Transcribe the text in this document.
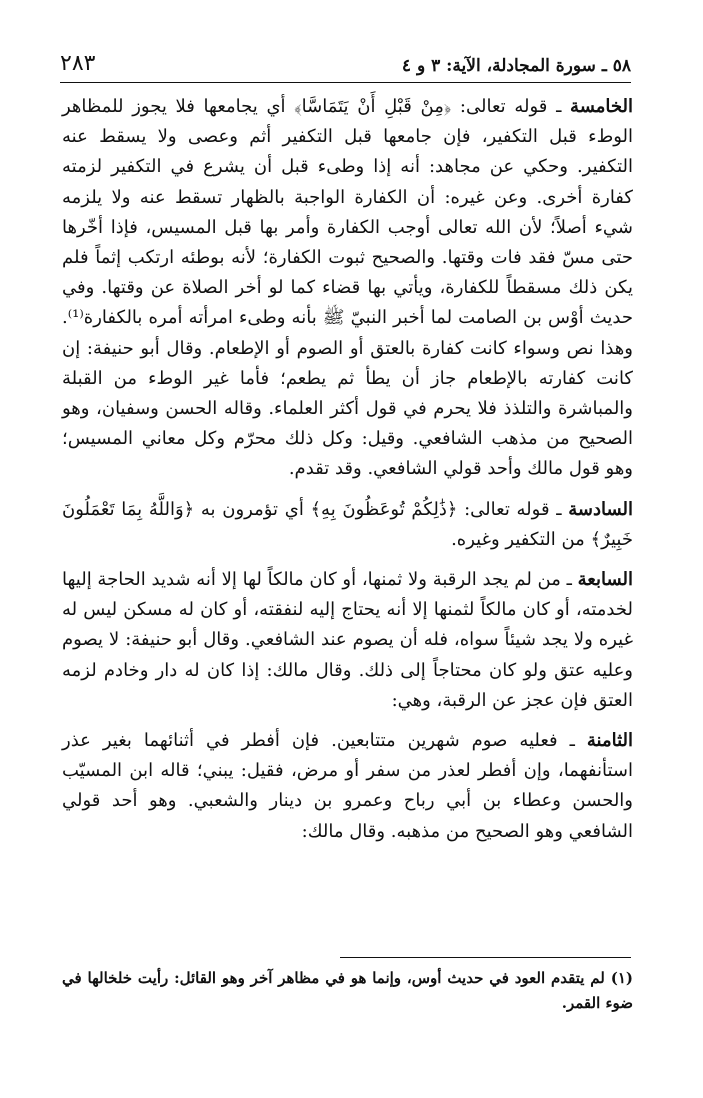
٥٨ ـ سورة المجادلة، الآية: ٣ و ٤
٢٨٣

الخامسة ـ قوله تعالى: ﴿مِنْ قَبْلِ أَنْ يَتَمَاسَّا﴾ أي يجامعها فلا يجوز للمظاهر الوطء قبل التكفير، فإن جامعها قبل التكفير أثم وعصى ولا يسقط عنه التكفير. وحكي عن مجاهد: أنه إذا وطىء قبل أن يشرع في التكفير لزمته كفارة أخرى. وعن غيره: أن الكفارة الواجبة بالظهار تسقط عنه ولا يلزمه شيء أصلاً؛ لأن الله تعالى أوجب الكفارة وأمر بها قبل المسيس، فإذا أخّرها حتى مسّ فقد فات وقتها. والصحيح ثبوت الكفارة؛ لأنه بوطئه ارتكب إثماً فلم يكن ذلك مسقطاً للكفارة، ويأتي بها قضاء كما لو أخر الصلاة عن وقتها. وفي حديث أوْس بن الصامت لما أخبر النبيّ ﷺ بأنه وطىء امرأته أمره بالكفارة⁽¹⁾. وهذا نص وسواء كانت كفارة بالعتق أو الصوم أو الإطعام. وقال أبو حنيفة: إن كانت كفارته بالإطعام جاز أن يطأ ثم يطعم؛ فأما غير الوطء من القبلة والمباشرة والتلذذ فلا يحرم في قول أكثر العلماء. وقاله الحسن وسفيان، وهو الصحيح من مذهب الشافعي. وقيل: وكل ذلك محرّم وكل معاني المسيس؛ وهو قول مالك وأحد قولي الشافعي. وقد تقدم.

السادسة ـ قوله تعالى: ﴿ذَٰلِكُمْ تُوعَظُونَ بِهِ﴾ أي تؤمرون به ﴿وَاللَّهُ بِمَا تَعْمَلُونَ خَبِيرٌ﴾ من التكفير وغيره.

السابعة ـ من لم يجد الرقبة ولا ثمنها، أو كان مالكاً لها إلا أنه شديد الحاجة إليها لخدمته، أو كان مالكاً لثمنها إلا أنه يحتاج إليه لنفقته، أو كان له مسكن ليس له غيره ولا يجد شيئاً سواه، فله أن يصوم عند الشافعي. وقال أبو حنيفة: لا يصوم وعليه عتق ولو كان محتاجاً إلى ذلك. وقال مالك: إذا كان له دار وخادم لزمه العتق فإن عجز عن الرقبة، وهي:

الثامنة ـ فعليه صوم شهرين متتابعين. فإن أفطر في أثنائهما بغير عذر استأنفهما، وإن أفطر لعذر من سفر أو مرض، فقيل: يبني؛ قاله ابن المسيّب والحسن وعطاء بن أبي رباح وعمرو بن دينار والشعبي. وهو أحد قولي الشافعي وهو الصحيح من مذهبه. وقال مالك:

(١) لم يتقدم العود في حديث أوس، وإنما هو في مظاهر آخر وهو القائل: رأيت خلخالها في ضوء القمر.
